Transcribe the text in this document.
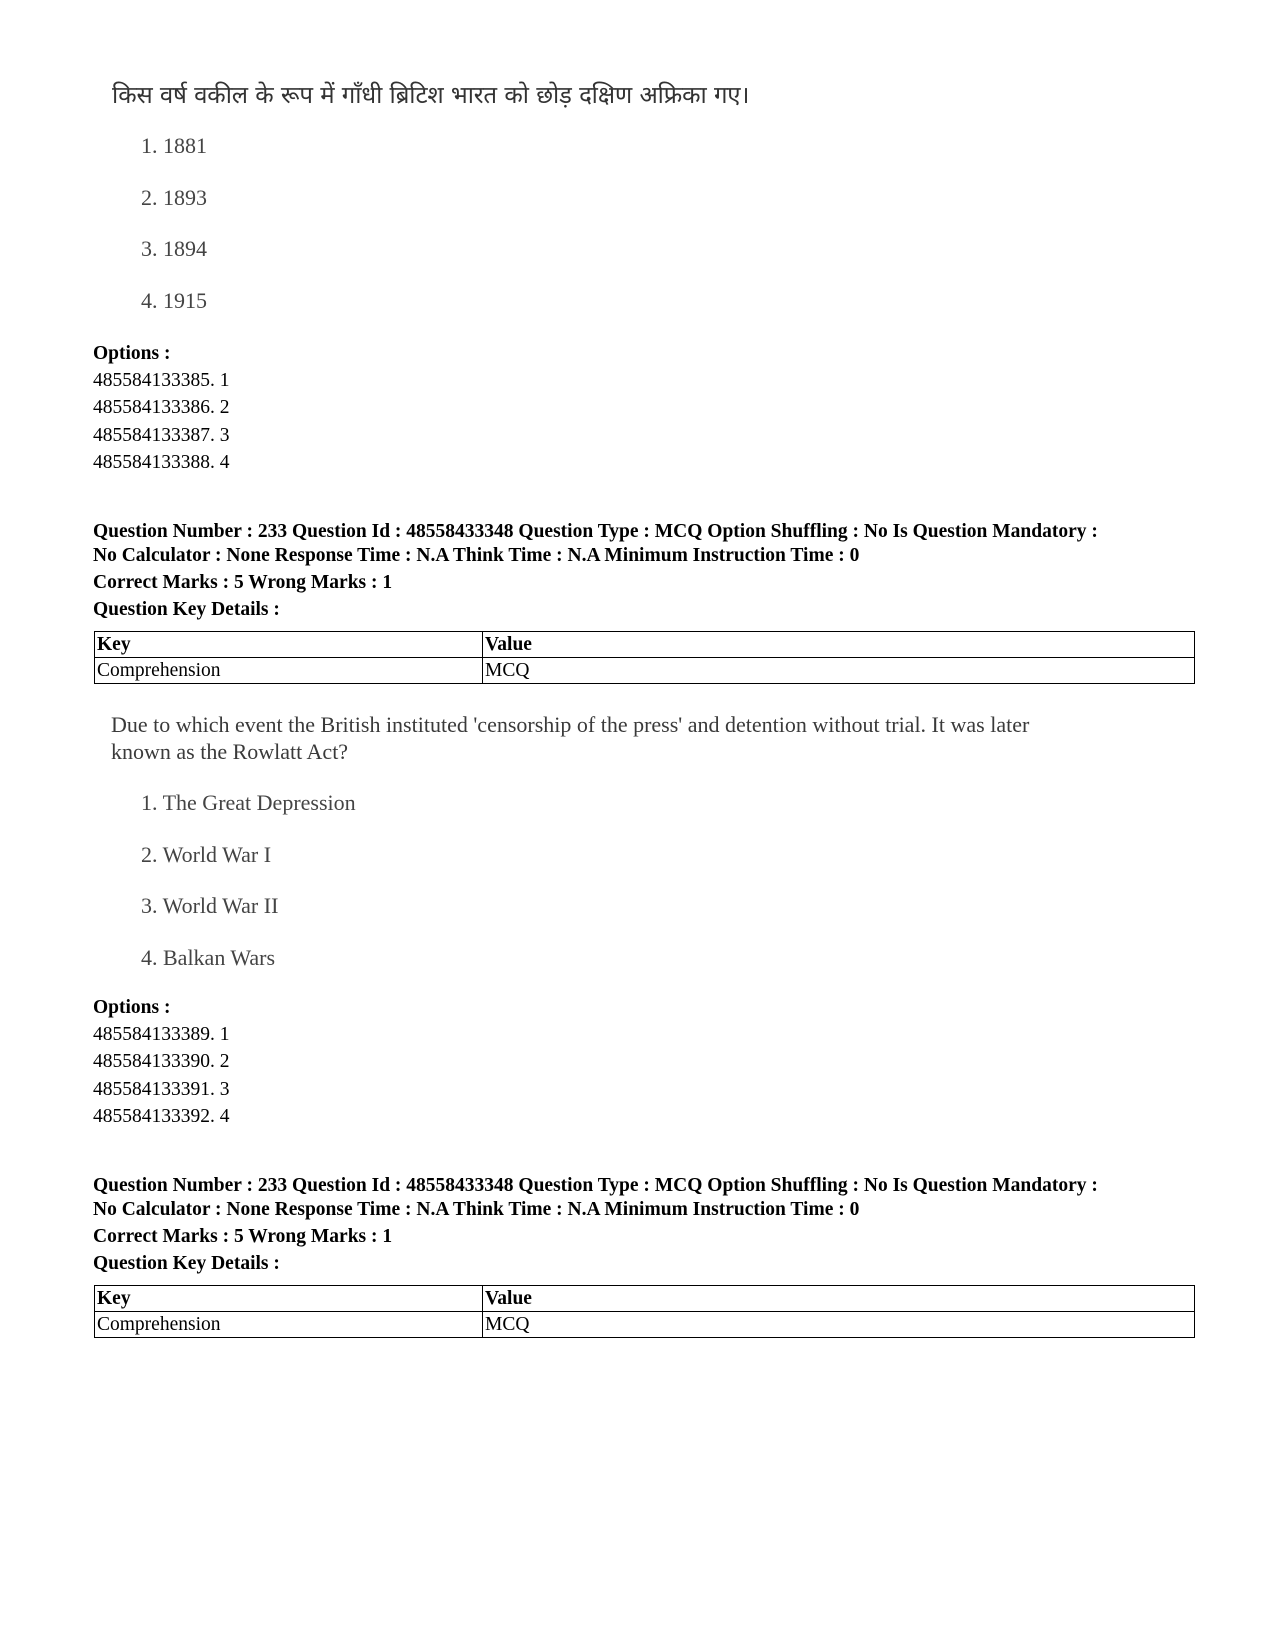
किस वर्ष वकील के रूप में गाँधी ब्रिटिश भारत को छोड़ दक्षिण अफ्रिका गए।
1. 1881
2. 1893
3. 1894
4. 1915
Options :
485584133385. 1
485584133386. 2
485584133387. 3
485584133388. 4
Question Number : 233 Question Id : 48558433348 Question Type : MCQ Option Shuffling : No Is Question Mandatory :
No Calculator : None Response Time : N.A Think Time : N.A Minimum Instruction Time : 0
Correct Marks : 5 Wrong Marks : 1
Question Key Details :
Key	Value
Comprehension	MCQ
Due to which event the British instituted 'censorship of the press' and detention without trial. It was later
known as the Rowlatt Act?
1. The Great Depression
2. World War I
3. World War II
4. Balkan Wars
Options :
485584133389. 1
485584133390. 2
485584133391. 3
485584133392. 4
Question Number : 233 Question Id : 48558433348 Question Type : MCQ Option Shuffling : No Is Question Mandatory :
No Calculator : None Response Time : N.A Think Time : N.A Minimum Instruction Time : 0
Correct Marks : 5 Wrong Marks : 1
Question Key Details :
Key	Value
Comprehension	MCQ
